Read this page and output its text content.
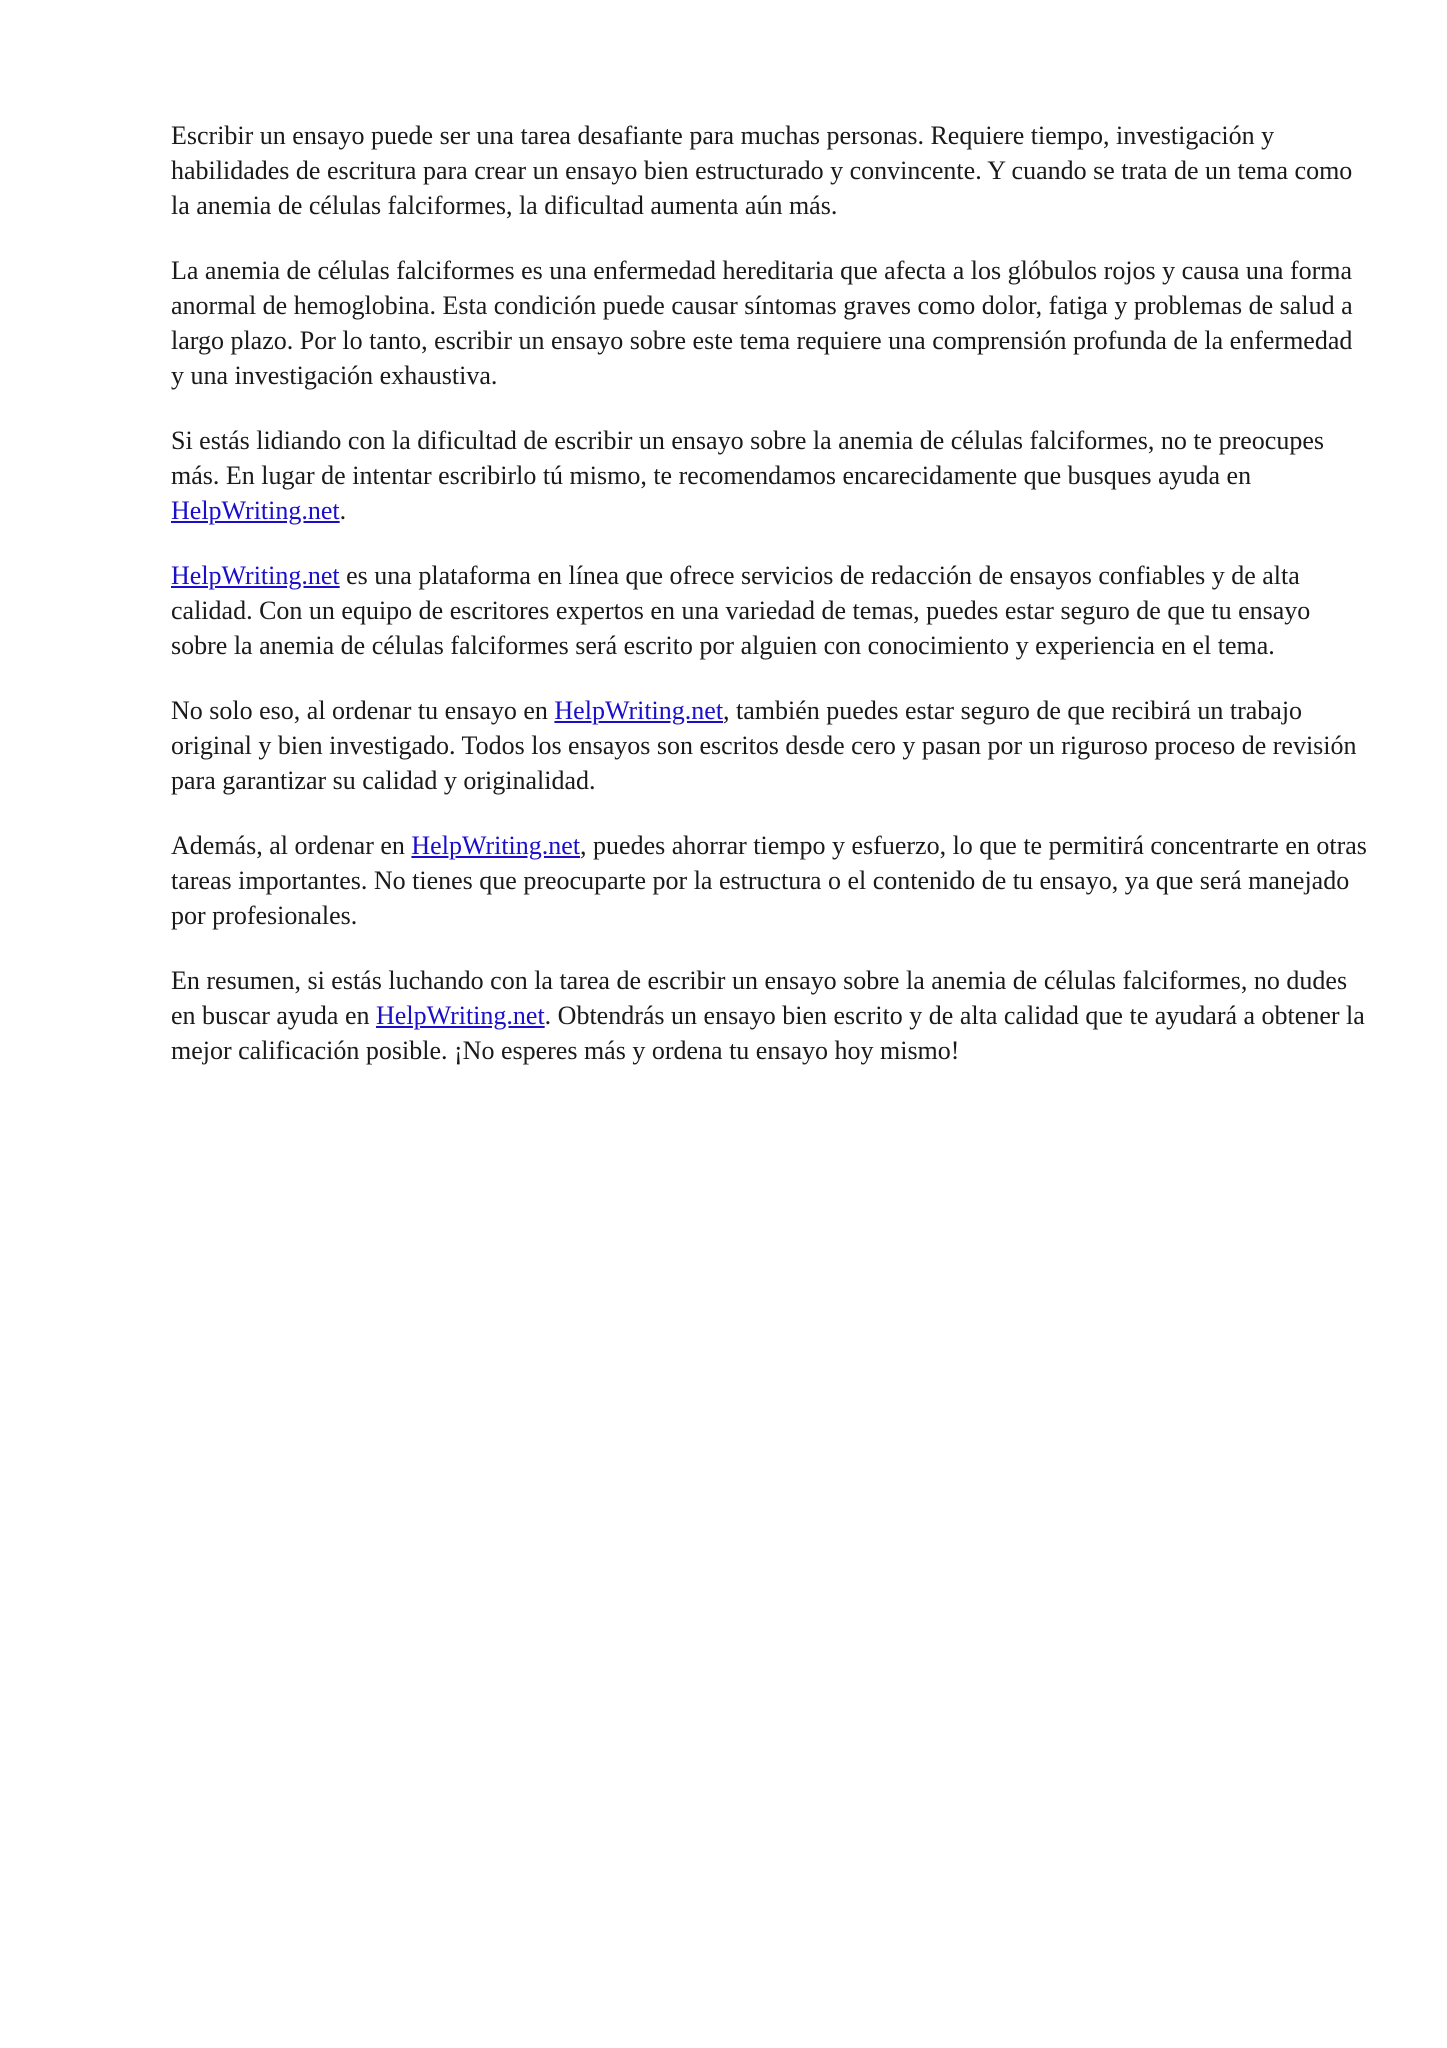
Escribir un ensayo puede ser una tarea desafiante para muchas personas. Requiere tiempo, investigación y habilidades de escritura para crear un ensayo bien estructurado y convincente. Y cuando se trata de un tema como la anemia de células falciformes, la dificultad aumenta aún más.

La anemia de células falciformes es una enfermedad hereditaria que afecta a los glóbulos rojos y causa una forma anormal de hemoglobina. Esta condición puede causar síntomas graves como dolor, fatiga y problemas de salud a largo plazo. Por lo tanto, escribir un ensayo sobre este tema requiere una comprensión profunda de la enfermedad y una investigación exhaustiva.

Si estás lidiando con la dificultad de escribir un ensayo sobre la anemia de células falciformes, no te preocupes más. En lugar de intentar escribirlo tú mismo, te recomendamos encarecidamente que busques ayuda en HelpWriting.net.

HelpWriting.net es una plataforma en línea que ofrece servicios de redacción de ensayos confiables y de alta calidad. Con un equipo de escritores expertos en una variedad de temas, puedes estar seguro de que tu ensayo sobre la anemia de células falciformes será escrito por alguien con conocimiento y experiencia en el tema.

No solo eso, al ordenar tu ensayo en HelpWriting.net, también puedes estar seguro de que recibirá un trabajo original y bien investigado. Todos los ensayos son escritos desde cero y pasan por un riguroso proceso de revisión para garantizar su calidad y originalidad.

Además, al ordenar en HelpWriting.net, puedes ahorrar tiempo y esfuerzo, lo que te permitirá concentrarte en otras tareas importantes. No tienes que preocuparte por la estructura o el contenido de tu ensayo, ya que será manejado por profesionales.

En resumen, si estás luchando con la tarea de escribir un ensayo sobre la anemia de células falciformes, no dudes en buscar ayuda en HelpWriting.net. Obtendrás un ensayo bien escrito y de alta calidad que te ayudará a obtener la mejor calificación posible. ¡No esperes más y ordena tu ensayo hoy mismo!
